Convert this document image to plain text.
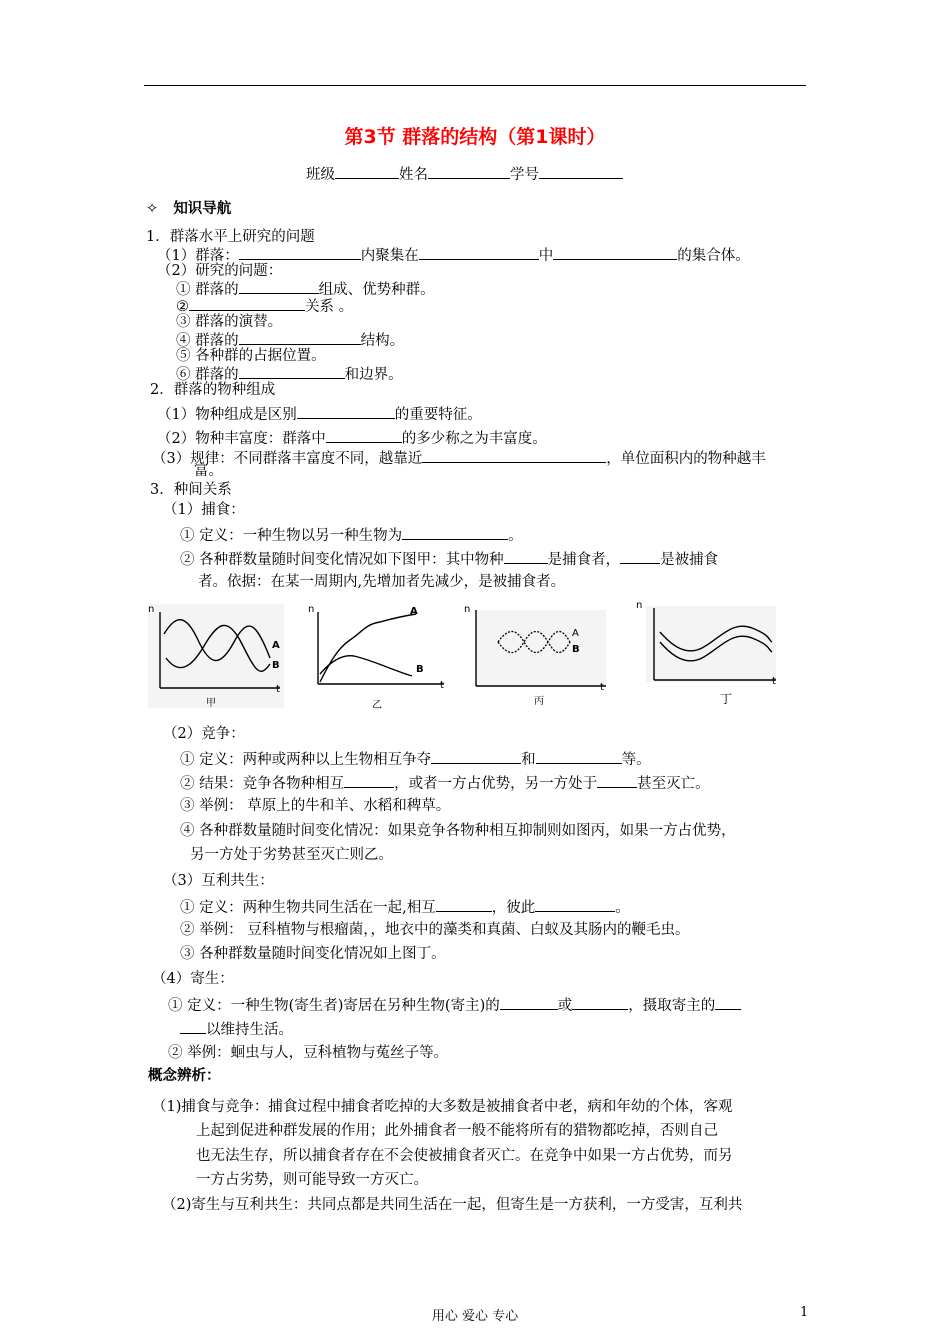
第3节 群落的结构（第1课时）
班级	姓名	学号
✧ 知识导航
1．群落水平上研究的问题
（1）群落：	内聚集在	中	的集合体。
（2）研究的问题：
① 群落的	组成、优势种群。
②	关系 。
③ 群落的演替。
④ 群落的	结构。
⑤ 各种群的占据位置。
⑥ 群落的	和边界。
2．群落的物种组成
（1）物种组成是区别	的重要特征。
（2）物种丰富度：群落中	的多少称之为丰富度。
（3）规律：不同群落丰富度不同，越靠近	，单位面积内的物种越丰
富。
3．种间关系
（1）捕食：
① 定义：一种生物以另一种生物为	。
② 各种群数量随时间变化情况如下图甲：其中物种	是捕食者，	是被捕食
者。依据：在某一周期内,先增加者先减少，是被捕食者。
n
t
A
B
甲
n
t
A
B
乙
n
t
A
B
丙
n
t
丁
（2）竞争：
① 定义：两种或两种以上生物相互争夺	和	等。
② 结果：竞争各物种相互	，或者一方占优势，另一方处于	甚至灭亡。
③ 举例： 草原上的牛和羊、水稻和稗草。
④ 各种群数量随时间变化情况：如果竞争各物种相互抑制则如图丙，如果一方占优势，
另一方处于劣势甚至灭亡则乙。
（3）互利共生：
① 定义：两种生物共同生活在一起,相互	，彼此	。
② 举例： 豆科植物与根瘤菌，，地衣中的藻类和真菌、白蚁及其肠内的鞭毛虫。
③ 各种群数量随时间变化情况如上图丁。
（4）寄生：
① 定义：一种生物(寄生者)寄居在另种生物(寄主)的	或	，摄取寄主的
以维持生活。
② 举例：蛔虫与人，豆科植物与菟丝子等。
概念辨析：
（1)捕食与竞争：捕食过程中捕食者吃掉的大多数是被捕食者中老，病和年幼的个体，客观
上起到促进种群发展的作用；此外捕食者一般不能将所有的猎物都吃掉，否则自己
也无法生存，所以捕食者存在不会使被捕食者灭亡。在竞争中如果一方占优势，而另
一方占劣势，则可能导致一方灭亡。
（2)寄生与互利共生：共同点都是共同生活在一起，但寄生是一方获利，一方受害，互利共
用心 爱心 专心	1
